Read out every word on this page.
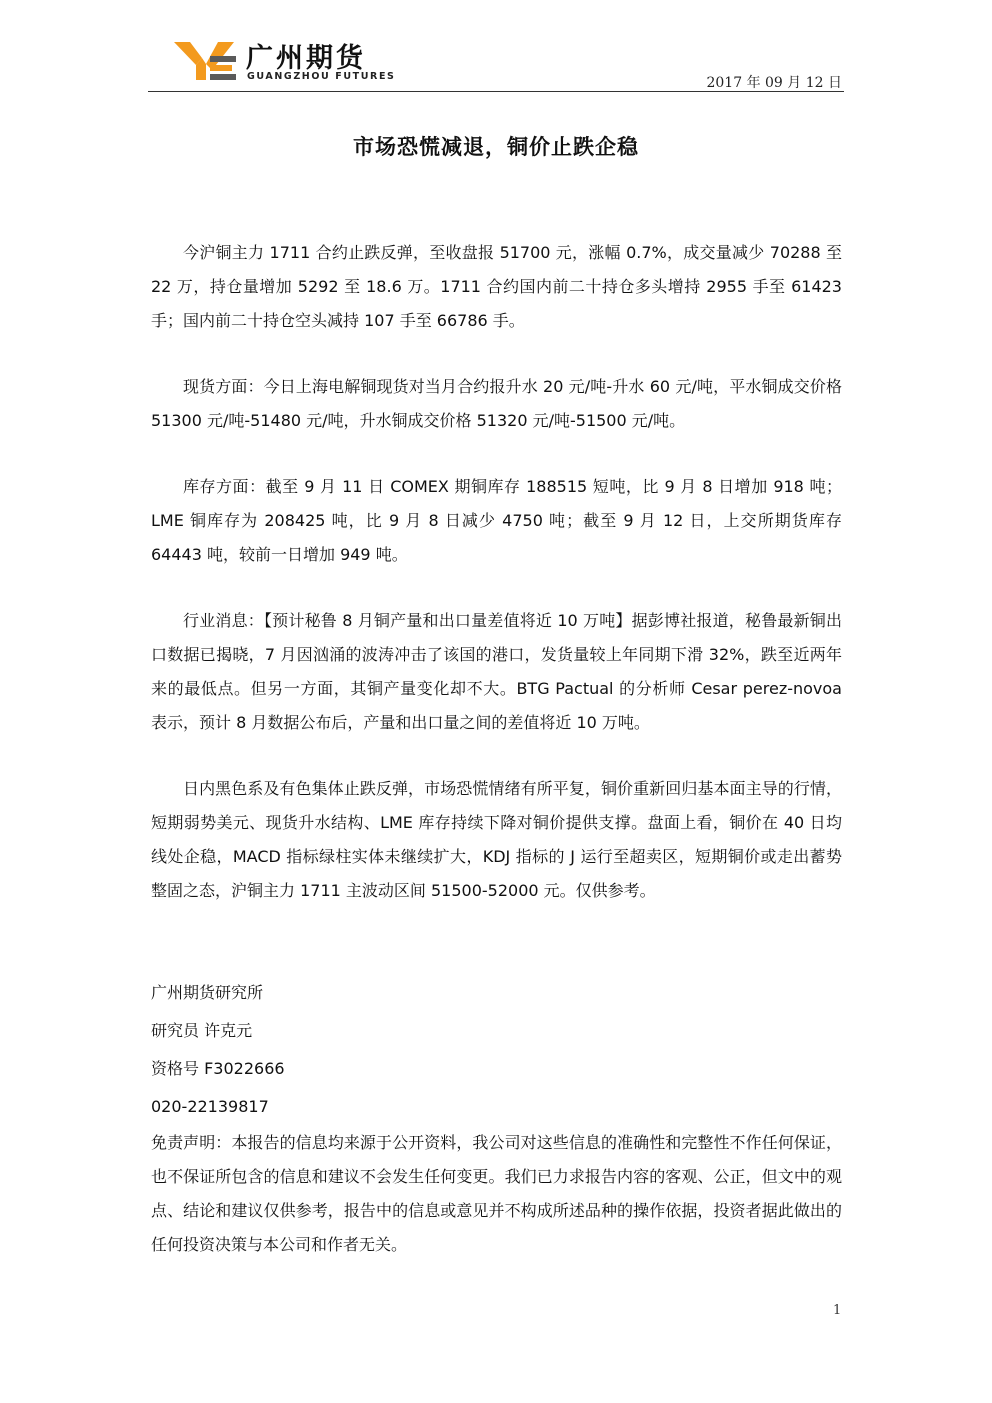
广州期货
GUANGZHOU FUTURES	2017 年 09 月 12 日
市场恐慌减退，铜价止跌企稳

今沪铜主力 1711 合约止跌反弹，至收盘报 51700 元，涨幅 0.7%，成交量减少 70288 至 22 万，持仓量增加 5292 至 18.6 万。1711 合约国内前二十持仓多头增持 2955 手至 61423 手；国内前二十持仓空头减持 107 手至 66786 手。

现货方面：今日上海电解铜现货对当月合约报升水 20 元/吨-升水 60 元/吨，平水铜成交价格 51300 元/吨-51480 元/吨，升水铜成交价格 51320 元/吨-51500 元/吨。

库存方面：截至 9 月 11 日 COMEX 期铜库存 188515 短吨，比 9 月 8 日增加 918 吨；LME 铜库存为 208425 吨，比 9 月 8 日减少 4750 吨；截至 9 月 12 日，上交所期货库存 64443 吨，较前一日增加 949 吨。

行业消息：【预计秘鲁 8 月铜产量和出口量差值将近 10 万吨】据彭博社报道，秘鲁最新铜出口数据已揭晓，7 月因汹涌的波涛冲击了该国的港口，发货量较上年同期下滑 32%，跌至近两年来的最低点。但另一方面，其铜产量变化却不大。BTG Pactual 的分析师 Cesar perez-novoa 表示，预计 8 月数据公布后，产量和出口量之间的差值将近 10 万吨。

日内黑色系及有色集体止跌反弹，市场恐慌情绪有所平复，铜价重新回归基本面主导的行情，短期弱势美元、现货升水结构、LME 库存持续下降对铜价提供支撑。盘面上看，铜价在 40 日均线处企稳，MACD 指标绿柱实体未继续扩大，KDJ 指标的 J 运行至超卖区，短期铜价或走出蓄势整固之态，沪铜主力 1711 主波动区间 51500-52000 元。仅供参考。

广州期货研究所

研究员 许克元

资格号 F3022666

020-22139817

免责声明：本报告的信息均来源于公开资料，我公司对这些信息的准确性和完整性不作任何保证，也不保证所包含的信息和建议不会发生任何变更。我们已力求报告内容的客观、公正，但文中的观点、结论和建议仅供参考，报告中的信息或意见并不构成所述品种的操作依据，投资者据此做出的任何投资决策与本公司和作者无关。

1
